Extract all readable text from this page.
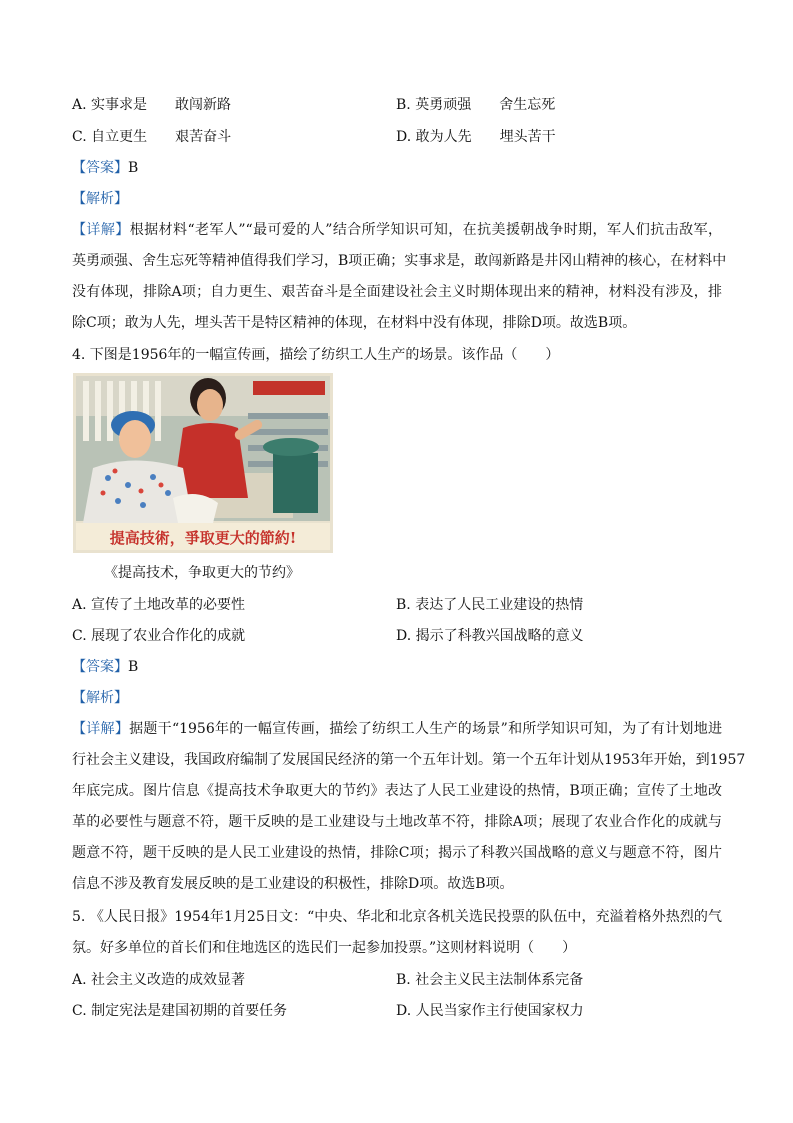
A. 实事求是 敢闯新路	B. 英勇顽强 舍生忘死
C. 自立更生 艰苦奋斗	D. 敢为人先 埋头苦干
【答案】B
【解析】
【详解】根据材料“老军人”“最可爱的人”结合所学知识可知，在抗美援朝战争时期，军人们抗击敌军，
英勇顽强、舍生忘死等精神值得我们学习，B项正确；实事求是，敢闯新路是井冈山精神的核心，在材料中
没有体现，排除A项；自力更生、艰苦奋斗是全面建设社会主义时期体现出来的精神，材料没有涉及，排
除C项；敢为人先，埋头苦干是特区精神的体现，在材料中没有体现，排除D项。故选B项。
4. 下图是1956年的一幅宣传画，描绘了纺织工人生产的场景。该作品（　　）
提高技術，爭取更大的節約!
《提高技术，争取更大的节约》
A. 宣传了土地改革的必要性	B. 表达了人民工业建设的热情
C. 展现了农业合作化的成就	D. 揭示了科教兴国战略的意义
【答案】B
【解析】
【详解】据题干“1956年的一幅宣传画，描绘了纺织工人生产的场景”和所学知识可知，为了有计划地进
行社会主义建设，我国政府编制了发展国民经济的第一个五年计划。第一个五年计划从1953年开始，到1957
年底完成。图片信息《提高技术争取更大的节约》表达了人民工业建设的热情，B项正确；宣传了土地改
革的必要性与题意不符，题干反映的是工业建设与土地改革不符，排除A项；展现了农业合作化的成就与
题意不符，题干反映的是人民工业建设的热情，排除C项；揭示了科教兴国战略的意义与题意不符，图片
信息不涉及教育发展反映的是工业建设的积极性，排除D项。故选B项。
5. 《人民日报》1954年1月25日文：“中央、华北和北京各机关选民投票的队伍中，充溢着格外热烈的气
氛。好多单位的首长们和住地选区的选民们一起参加投票。”这则材料说明（　　）
A. 社会主义改造的成效显著	B. 社会主义民主法制体系完备
C. 制定宪法是建国初期的首要任务	D. 人民当家作主行使国家权力
